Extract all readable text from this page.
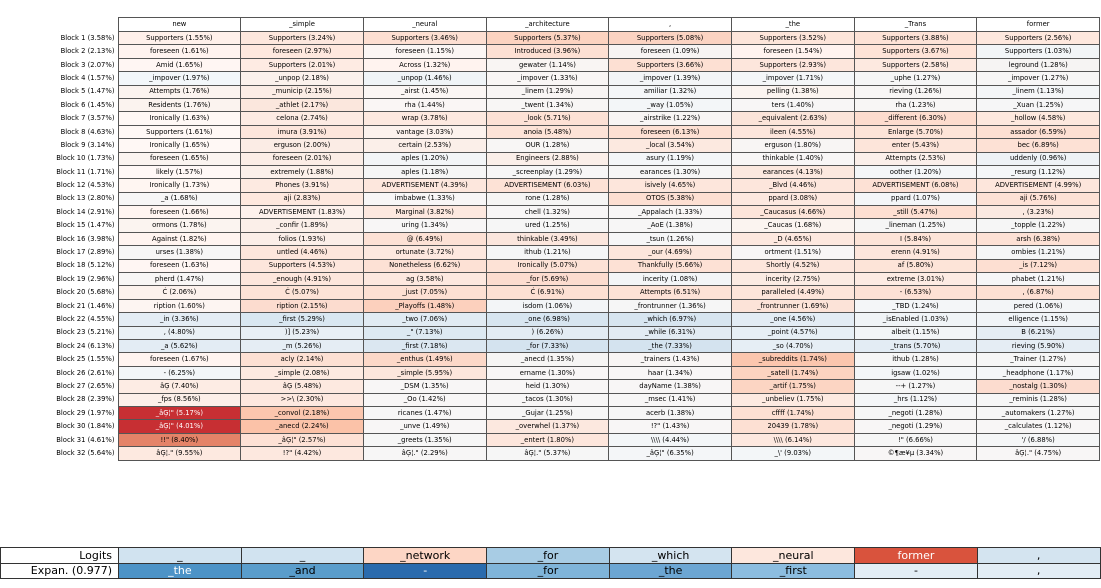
	new	_simple	_neural	_architecture	,	_the	_Trans	former
Block 1 (3.58%)	Supporters (1.55%)	Supporters (3.24%)	Supporters (3.46%)	Supporters (5.37%)	Supporters (5.08%)	Supporters (3.52%)	Supporters (3.88%)	Supporters (2.56%)
Block 2 (2.13%)	foreseen (1.61%)	foreseen (2.97%)	foreseen (1.15%)	Introduced (3.96%)	foreseen (1.09%)	foreseen (1.54%)	Supporters (3.67%)	Supporters (1.03%)
Block 3 (2.07%)	Amid (1.65%)	Supporters (2.01%)	Across (1.32%)	gewater (1.14%)	Supporters (3.66%)	Supporters (2.93%)	Supporters (2.58%)	leground (1.28%)
Block 4 (1.57%)	_impover (1.97%)	_unpop (2.18%)	_unpop (1.46%)	_impover (1.33%)	_impover (1.39%)	_impover (1.71%)	_uphe (1.27%)	_impover (1.27%)
Block 5 (1.47%)	Attempts (1.76%)	_municip (2.15%)	_airst (1.45%)	_linem (1.29%)	amiliar (1.32%)	pelling (1.38%)	rieving (1.26%)	_linem (1.13%)
Block 6 (1.45%)	Residents (1.76%)	_athlet (2.17%)	rha (1.44%)	_twent (1.34%)	_way (1.05%)	ters (1.40%)	rha (1.23%)	_Xuan (1.25%)
Block 7 (3.57%)	Ironically (1.63%)	celona (2.74%)	wrap (3.78%)	_look (5.71%)	_airstrike (1.22%)	_equivalent (2.63%)	_different (6.30%)	_hollow (4.58%)
Block 8 (4.63%)	Supporters (1.61%)	imura (3.91%)	vantage (3.03%)	anoia (5.48%)	foreseen (6.13%)	ileen (4.55%)	Enlarge (5.70%)	assador (6.59%)
Block 9 (3.14%)	Ironically (1.65%)	erguson (2.00%)	certain (2.53%)	OUR (1.28%)	_local (3.54%)	erguson (1.80%)	enter (5.43%)	bec (6.89%)
Block 10 (1.73%)	foreseen (1.65%)	foreseen (2.01%)	aples (1.20%)	Engineers (2.88%)	asury (1.19%)	thinkable (1.40%)	Attempts (2.53%)	uddenly (0.96%)
Block 11 (1.71%)	likely (1.57%)	extremely (1.88%)	aples (1.18%)	_screenplay (1.29%)	earances (1.30%)	earances (4.13%)	oother (1.20%)	_resurg (1.12%)
Block 12 (4.53%)	Ironically (1.73%)	Phones (3.91%)	ADVERTISEMENT (4.39%)	ADVERTISEMENT (6.03%)	isively (4.65%)	_Blvd (4.46%)	ADVERTISEMENT (6.08%)	ADVERTISEMENT (4.99%)
Block 13 (2.80%)	_a (1.68%)	aji (2.83%)	imbabwe (1.33%)	rone (1.28%)	OTOS (5.38%)	ppard (3.08%)	ppard (1.07%)	aji (5.76%)
Block 14 (2.91%)	foreseen (1.66%)	ADVERTISEMENT (1.83%)	Marginal (3.82%)	chell (1.32%)	_Appalach (1.33%)	_Caucasus (4.66%)	_still (5.47%)	, (3.23%)
Block 15 (1.47%)	ormons (1.78%)	_confir (1.89%)	uring (1.34%)	ured (1.25%)	_AoE (1.38%)	_Caucas (1.68%)	_lineman (1.25%)	_topple (1.22%)
Block 16 (3.98%)	Against (1.82%)	folios (1.93%)	@ (6.49%)	thinkable (3.49%)	_tsun (1.26%)	_D (4.65%)	I (5.84%)	arsh (6.38%)
Block 17 (2.89%)	urses (1.38%)	untled (4.46%)	ortunate (3.72%)	ithub (1.21%)	_our (4.69%)	ortment (1.51%)	erenn (4.91%)	ombies (1.21%)
Block 18 (5.12%)	foreseen (1.63%)	Supporters (4.53%)	Nonetheless (6.62%)	Ironically (5.07%)	Thankfully (5.66%)	Shortly (4.52%)	af (5.80%)	_is (7.12%)
Block 19 (2.96%)	pherd (1.47%)	_enough (4.91%)	ag (3.58%)	_for (5.69%)	incerity (1.08%)	incerity (2.75%)	extreme (3.01%)	phabet (1.21%)
Block 20 (5.68%)	Ċ (2.06%)	Ċ (5.07%)	_just (7.05%)	Ċ (6.91%)	Attempts (6.51%)	paralleled (4.49%)	- (6.53%)	, (6.87%)
Block 21 (1.46%)	ription (1.60%)	ription (2.15%)	_Playoffs (1.48%)	isdom (1.06%)	_frontrunner (1.36%)	_frontrunner (1.69%)	_TBD (1.24%)	pered (1.06%)
Block 22 (4.55%)	_in (3.36%)	_first (5.29%)	_two (7.06%)	_one (6.98%)	_which (6.97%)	_one (4.56%)	_isEnabled (1.03%)	elligence (1.15%)
Block 23 (5.21%)	, (4.80%)	)] (5.23%)	_" (7.13%)	) (6.26%)	_while (6.31%)	_point (4.57%)	albeit (1.15%)	B (6.21%)
Block 24 (6.13%)	_a (5.62%)	_m (5.26%)	_first (7.18%)	_for (7.33%)	_the (7.33%)	_so (4.70%)	_trans (5.70%)	rieving (5.90%)
Block 25 (1.55%)	foreseen (1.67%)	acly (2.14%)	_enthus (1.49%)	_anecd (1.35%)	_trainers (1.43%)	_subreddits (1.74%)	ithub (1.28%)	_Trainer (1.27%)
Block 26 (2.61%)	- (6.25%)	_simple (2.08%)	_simple (5.95%)	ername (1.30%)	haar (1.34%)	_satell (1.74%)	igsaw (1.02%)	_headphone (1.17%)
Block 27 (2.65%)	âĢ (7.40%)	âĢ (5.48%)	_DSM (1.35%)	heid (1.30%)	dayName (1.38%)	_artif (1.75%)	--+ (1.27%)	_nostalg (1.30%)
Block 28 (2.39%)	_fps (8.56%)	>>\ (2.30%)	_Oo (1.42%)	_tacos (1.30%)	_msec (1.41%)	_unbeliev (1.75%)	_hrs (1.12%)	_reminis (1.28%)
Block 29 (1.97%)	_âĢ¦" (5.17%)	_convol (2.18%)	ricanes (1.47%)	_Gujar (1.25%)	acerb (1.38%)	cffff (1.74%)	_negoti (1.28%)	_automakers (1.27%)
Block 30 (1.84%)	_âĢ¦" (4.01%)	_anecd (2.24%)	_unve (1.49%)	_overwhel (1.37%)	!?" (1.43%)	20439 (1.78%)	_negoti (1.29%)	_calculates (1.12%)
Block 31 (4.61%)	!!" (8.40%)	_âĢ¦" (2.57%)	_greets (1.35%)	_entert (1.80%)	\\\\ (4.44%)	\\\\ (6.14%)	!" (6.66%)	'/ (6.88%)
Block 32 (5.64%)	âĢ¦." (9.55%)	!?" (4.42%)	âĢ¦." (2.29%)	âĢ¦." (5.37%)	_âĢ¦" (6.35%)	_\' (9.03%)	©¶æ¥µ (3.34%)	âĢ¦." (4.75%)
Logits	_	_	_network	_for	_which	_neural	former	,
Expan. (0.977)	_the	_and	-	_for	_the	_first	-	,
